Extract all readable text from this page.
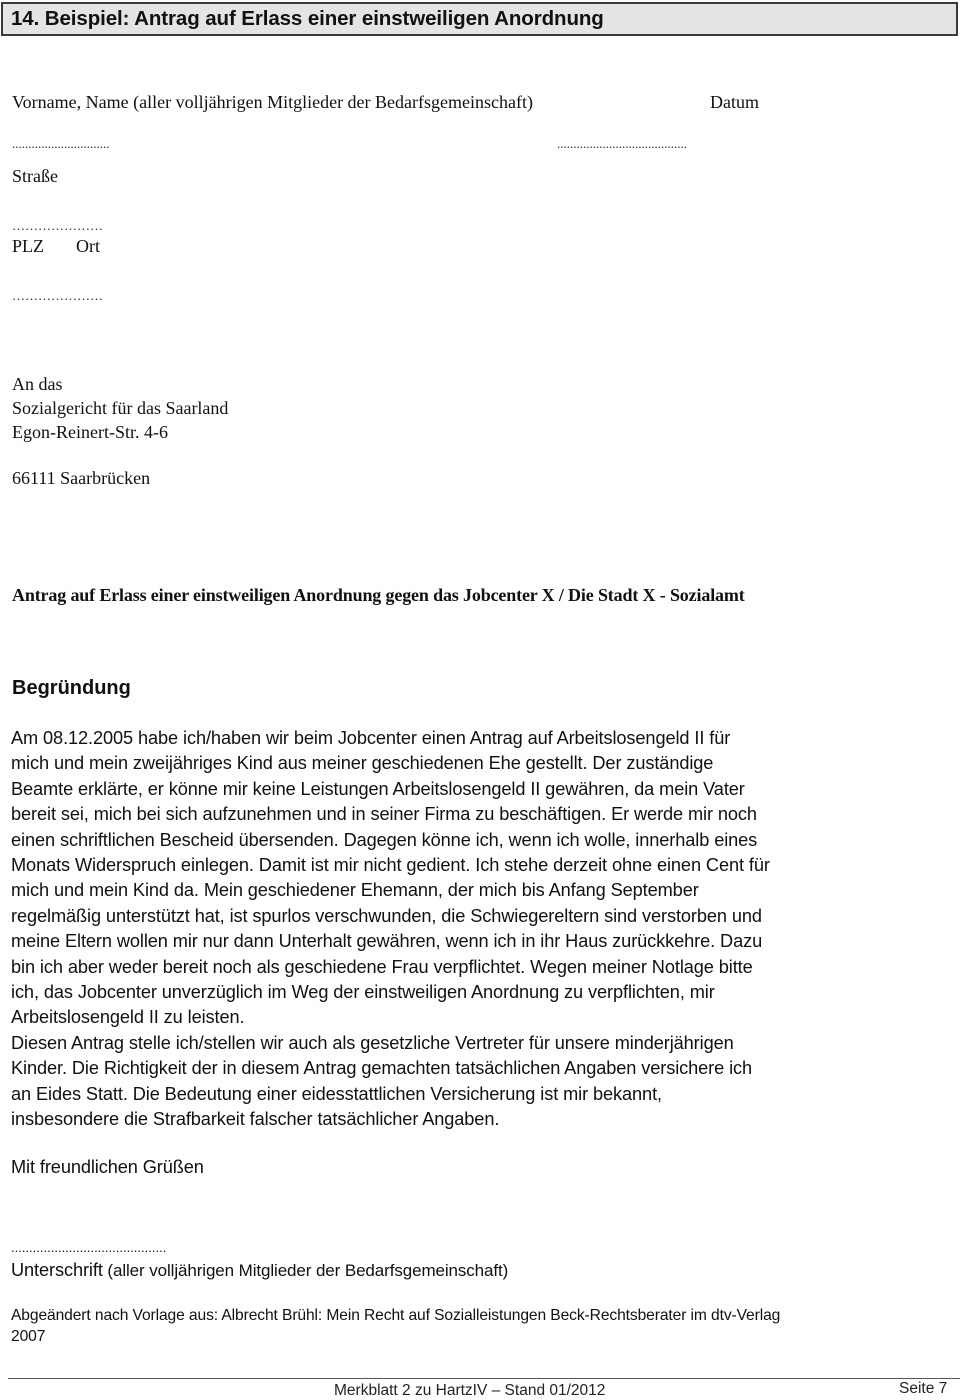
14. Beispiel: Antrag auf Erlass einer einstweiligen Anordnung
Vorname, Name (aller volljährigen Mitglieder der Bedarfsgemeinschaft)	Datum
..............................	........................................
Straße
…………………
PLZ Ort
…………………
An das
Sozialgericht für das Saarland
Egon-Reinert-Str. 4-6
66111 Saarbrücken
Antrag auf Erlass einer einstweiligen Anordnung gegen das Jobcenter X / Die Stadt X - Sozialamt
Begründung

Am 08.12.2005 habe ich/haben wir beim Jobcenter einen Antrag auf Arbeitslosengeld II für

mich und mein zweijähriges Kind aus meiner geschiedenen Ehe gestellt. Der zuständige

Beamte erklärte, er könne mir keine Leistungen Arbeitslosengeld II gewähren, da mein Vater

bereit sei, mich bei sich aufzunehmen und in seiner Firma zu beschäftigen. Er werde mir noch

einen schriftlichen Bescheid übersenden. Dagegen könne ich, wenn ich wolle, innerhalb eines

Monats Widerspruch einlegen. Damit ist mir nicht gedient. Ich stehe derzeit ohne einen Cent für

mich und mein Kind da. Mein geschiedener Ehemann, der mich bis Anfang September

regelmäßig unterstützt hat, ist spurlos verschwunden, die Schwiegereltern sind verstorben und

meine Eltern wollen mir nur dann Unterhalt gewähren, wenn ich in ihr Haus zurückkehre. Dazu

bin ich aber weder bereit noch als geschiedene Frau verpflichtet. Wegen meiner Notlage bitte

ich, das Jobcenter unverzüglich im Weg der einstweiligen Anordnung zu verpflichten, mir

Arbeitslosengeld II zu leisten.

Diesen Antrag stelle ich/stellen wir auch als gesetzliche Vertreter für unsere minderjährigen

Kinder. Die Richtigkeit der in diesem Antrag gemachten tatsächlichen Angaben versichere ich

an Eides Statt. Die Bedeutung einer eidesstattlichen Versicherung ist mir bekannt,

insbesondere die Strafbarkeit falscher tatsächlicher Angaben.

Mit freundlichen Grüßen
...........................................
Unterschrift (aller volljährigen Mitglieder der Bedarfsgemeinschaft)

Abgeändert nach Vorlage aus: Albrecht Brühl: Mein Recht auf Sozialleistungen Beck-Rechtsberater im dtv-Verlag

2007

Merkblatt 2 zu HartzIV – Stand 01/2012	Seite 7
